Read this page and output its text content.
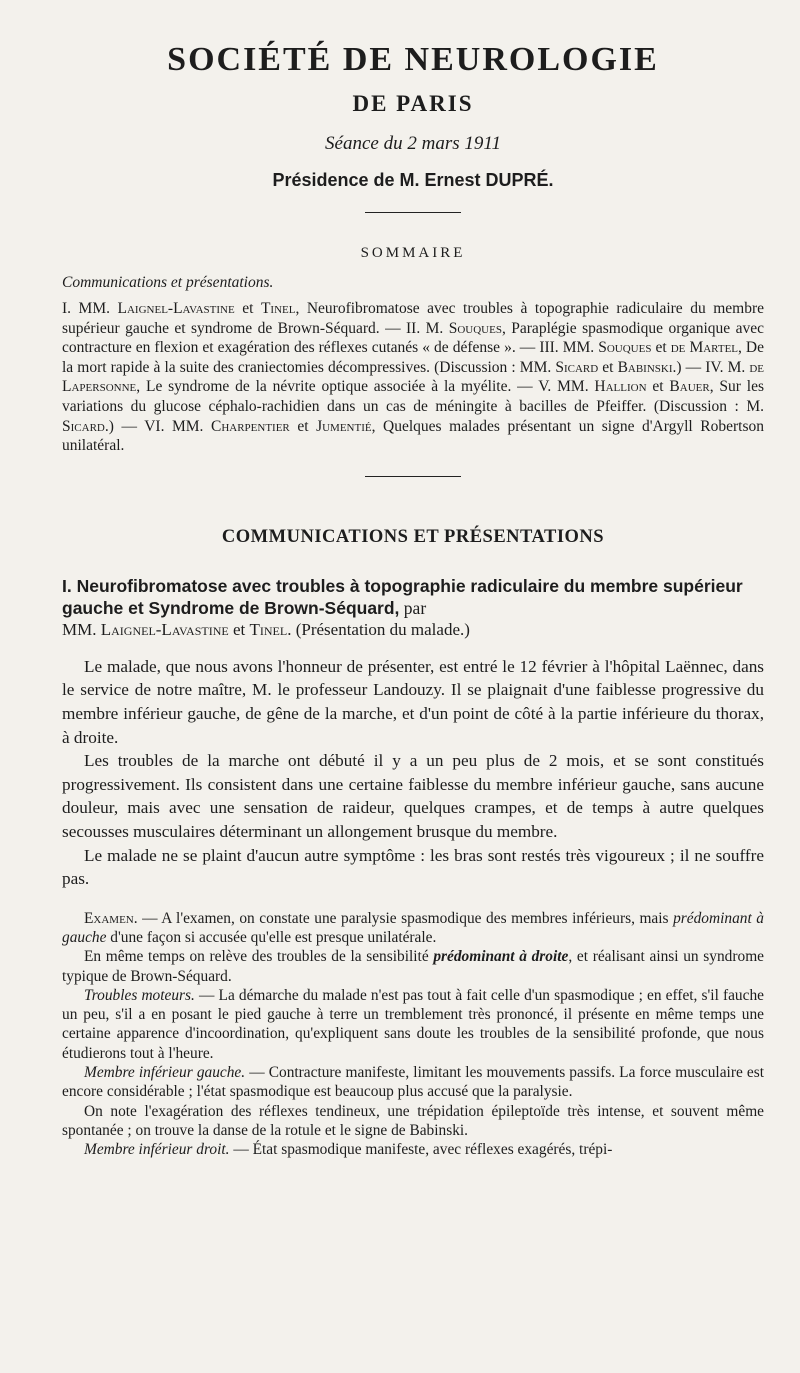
SOCIÉTÉ DE NEUROLOGIE
DE PARIS

Séance du 2 mars 1911

Présidence de M. Ernest DUPRÉ.

SOMMAIRE

Communications et présentations.

I. MM. Laignel-Lavastine et Tinel, Neurofibromatose avec troubles à topographie radiculaire du membre supérieur gauche et syndrome de Brown-Séquard. — II. M. Souques, Paraplégie spasmodique organique avec contracture en flexion et exagération des réflexes cutanés « de défense ». — III. MM. Souques et de Martel, De la mort rapide à la suite des craniectomies décompressives. (Discussion : MM. Sicard et Babinski.) — IV. M. de Lapersonne, Le syndrome de la névrite optique associée à la myélite. — V. MM. Hallion et Bauer, Sur les variations du glucose céphalo-rachidien dans un cas de méningite à bacilles de Pfeiffer. (Discussion : M. Sicard.) — VI. MM. Charpentier et Jumentié, Quelques malades présentant un signe d'Argyll Robertson unilatéral.

COMMUNICATIONS ET PRÉSENTATIONS

I. Neurofibromatose avec troubles à topographie radiculaire du membre supérieur gauche et Syndrome de Brown-Séquard, par

MM. Laignel-Lavastine et Tinel. (Présentation du malade.)

Le malade, que nous avons l'honneur de présenter, est entré le 12 février à l'hôpital Laënnec, dans le service de notre maître, M. le professeur Landouzy. Il se plaignait d'une faiblesse progressive du membre inférieur gauche, de gêne de la marche, et d'un point de côté à la partie inférieure du thorax, à droite.

Les troubles de la marche ont débuté il y a un peu plus de 2 mois, et se sont constitués progressivement. Ils consistent dans une certaine faiblesse du membre inférieur gauche, sans aucune douleur, mais avec une sensation de raideur, quelques crampes, et de temps à autre quelques secousses musculaires déterminant un allongement brusque du membre.

Le malade ne se plaint d'aucun autre symptôme : les bras sont restés très vigoureux ; il ne souffre pas.

Examen. — A l'examen, on constate une paralysie spasmodique des membres inférieurs, mais prédominant à gauche d'une façon si accusée qu'elle est presque unilatérale.

En même temps on relève des troubles de la sensibilité prédominant à droite, et réalisant ainsi un syndrome typique de Brown-Séquard.

Troubles moteurs. — La démarche du malade n'est pas tout à fait celle d'un spasmodique ; en effet, s'il fauche un peu, s'il a en posant le pied gauche à terre un tremblement très prononcé, il présente en même temps une certaine apparence d'incoordination, qu'expliquent sans doute les troubles de la sensibilité profonde, que nous étudierons tout à l'heure.

Membre inférieur gauche. — Contracture manifeste, limitant les mouvements passifs. La force musculaire est encore considérable ; l'état spasmodique est beaucoup plus accusé que la paralysie.

On note l'exagération des réflexes tendineux, une trépidation épileptoïde très intense, et souvent même spontanée ; on trouve la danse de la rotule et le signe de Babinski.

Membre inférieur droit. — État spasmodique manifeste, avec réflexes exagérés, trépi-
